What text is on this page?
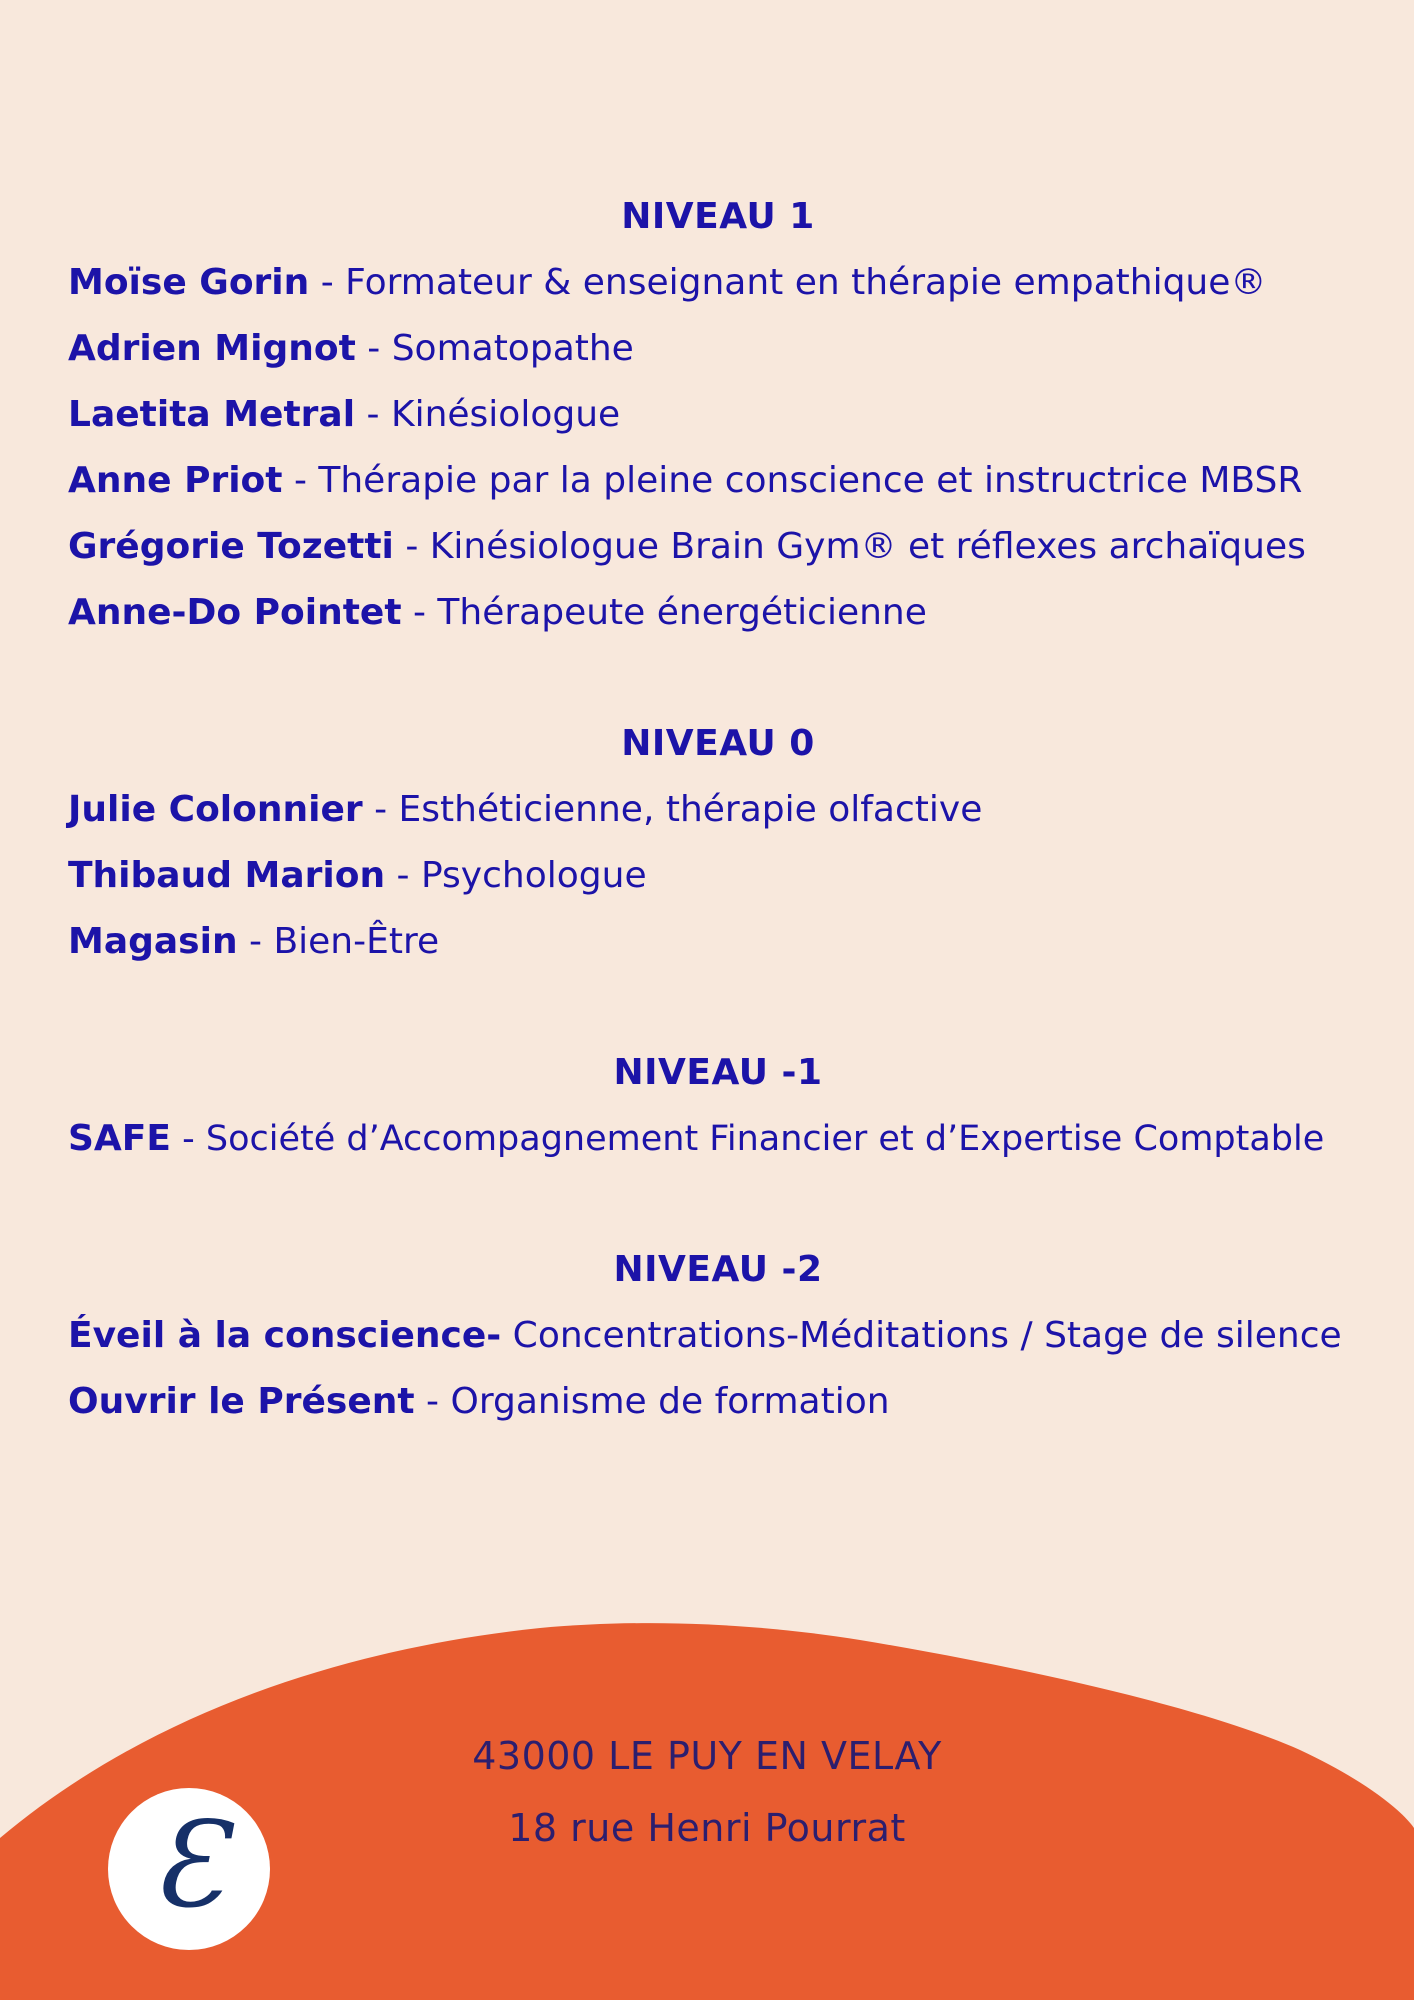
NIVEAU 1
Moïse Gorin - Formateur & enseignant en thérapie empathique®
Adrien Mignot - Somatopathe
Laetita Metral - Kinésiologue
Anne Priot - Thérapie par la pleine conscience et instructrice MBSR
Grégorie Tozetti - Kinésiologue Brain Gym® et réflexes archaïques
Anne-Do Pointet - Thérapeute énergéticienne
NIVEAU 0
Julie Colonnier - Esthéticienne, thérapie olfactive
Thibaud Marion - Psychologue
Magasin - Bien-Être
NIVEAU -1
SAFE - Société d’Accompagnement Financier et d’Expertise Comptable
NIVEAU -2
Éveil à la conscience- Concentrations-Méditations / Stage de silence
Ouvrir le Présent - Organisme de formation
43000 LE PUY EN VELAY
18 rue Henri Pourrat
Ɛ
